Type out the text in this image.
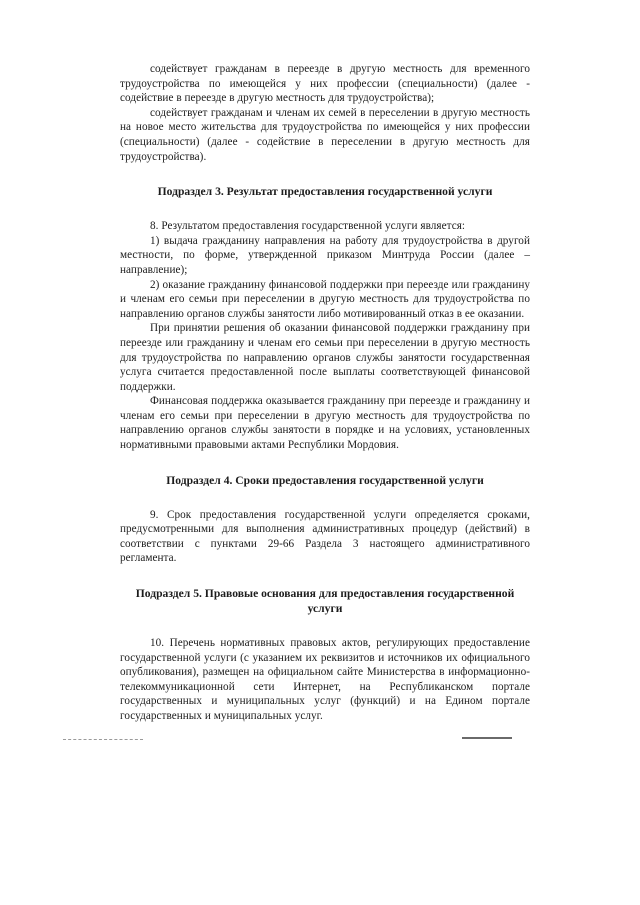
содействует гражданам в переезде в другую местность для временного трудоустройства по имеющейся у них профессии (специальности) (далее - содействие в переезде в другую местность для трудоустройства);

содействует гражданам и членам их семей в переселении в другую местность на новое место жительства для трудоустройства по имеющейся у них профессии (специальности) (далее - содействие в переселении в другую местность для трудоустройства).

Подраздел 3. Результат предоставления государственной услуги

8. Результатом предоставления государственной услуги является:

1) выдача гражданину направления на работу для трудоустройства в другой местности, по форме, утвержденной приказом Минтруда России (далее – направление);

2) оказание гражданину финансовой поддержки при переезде или гражданину и членам его семьи при переселении в другую местность для трудоустройства по направлению органов службы занятости либо мотивированный отказ в ее оказании.

При принятии решения об оказании финансовой поддержки гражданину при переезде или гражданину и членам его семьи при переселении в другую местность для трудоустройства по направлению органов службы занятости государственная услуга считается предоставленной после выплаты соответствующей финансовой поддержки.

Финансовая поддержка оказывается гражданину при переезде и гражданину и членам его семьи при переселении в другую местность для трудоустройства по направлению органов службы занятости в порядке и на условиях, установленных нормативными правовыми актами Республики Мордовия.

Подраздел 4. Сроки предоставления государственной услуги

9. Срок предоставления государственной услуги определяется сроками, предусмотренными для выполнения административных процедур (действий) в соответствии с пунктами 29-66 Раздела 3 настоящего административного регламента.

Подраздел 5. Правовые основания для предоставления государственной услуги

10. Перечень нормативных правовых актов, регулирующих предоставление государственной услуги (с указанием их реквизитов и источников их официального опубликования), размещен на официальном сайте Министерства в информационно-телекоммуникационной сети Интернет, на Республиканском портале государственных и муниципальных услуг (функций) и на Едином портале государственных и муниципальных услуг.
